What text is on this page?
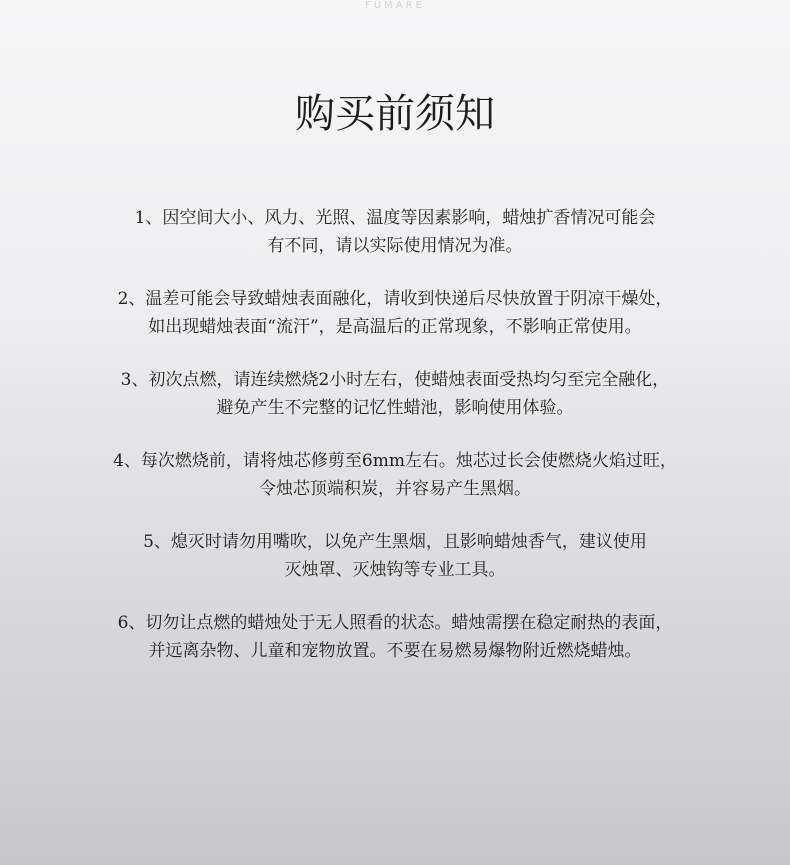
FUMARE
购买前须知

1、因空间大小、风力、光照、温度等因素影响，蜡烛扩香情况可能会
有不同，请以实际使用情况为准。

2、温差可能会导致蜡烛表面融化，请收到快递后尽快放置于阴凉干燥处，
如出现蜡烛表面“流汗”，是高温后的正常现象，不影响正常使用。

3、初次点燃，请连续燃烧2小时左右，使蜡烛表面受热均匀至完全融化，
避免产生不完整的记忆性蜡池，影响使用体验。

4、每次燃烧前，请将烛芯修剪至6mm左右。烛芯过长会使燃烧火焰过旺，
令烛芯顶端积炭，并容易产生黑烟。

5、熄灭时请勿用嘴吹，以免产生黑烟，且影响蜡烛香气，建议使用
灭烛罩、灭烛钩等专业工具。

6、切勿让点燃的蜡烛处于无人照看的状态。蜡烛需摆在稳定耐热的表面，
并远离杂物、儿童和宠物放置。不要在易燃易爆物附近燃烧蜡烛。
